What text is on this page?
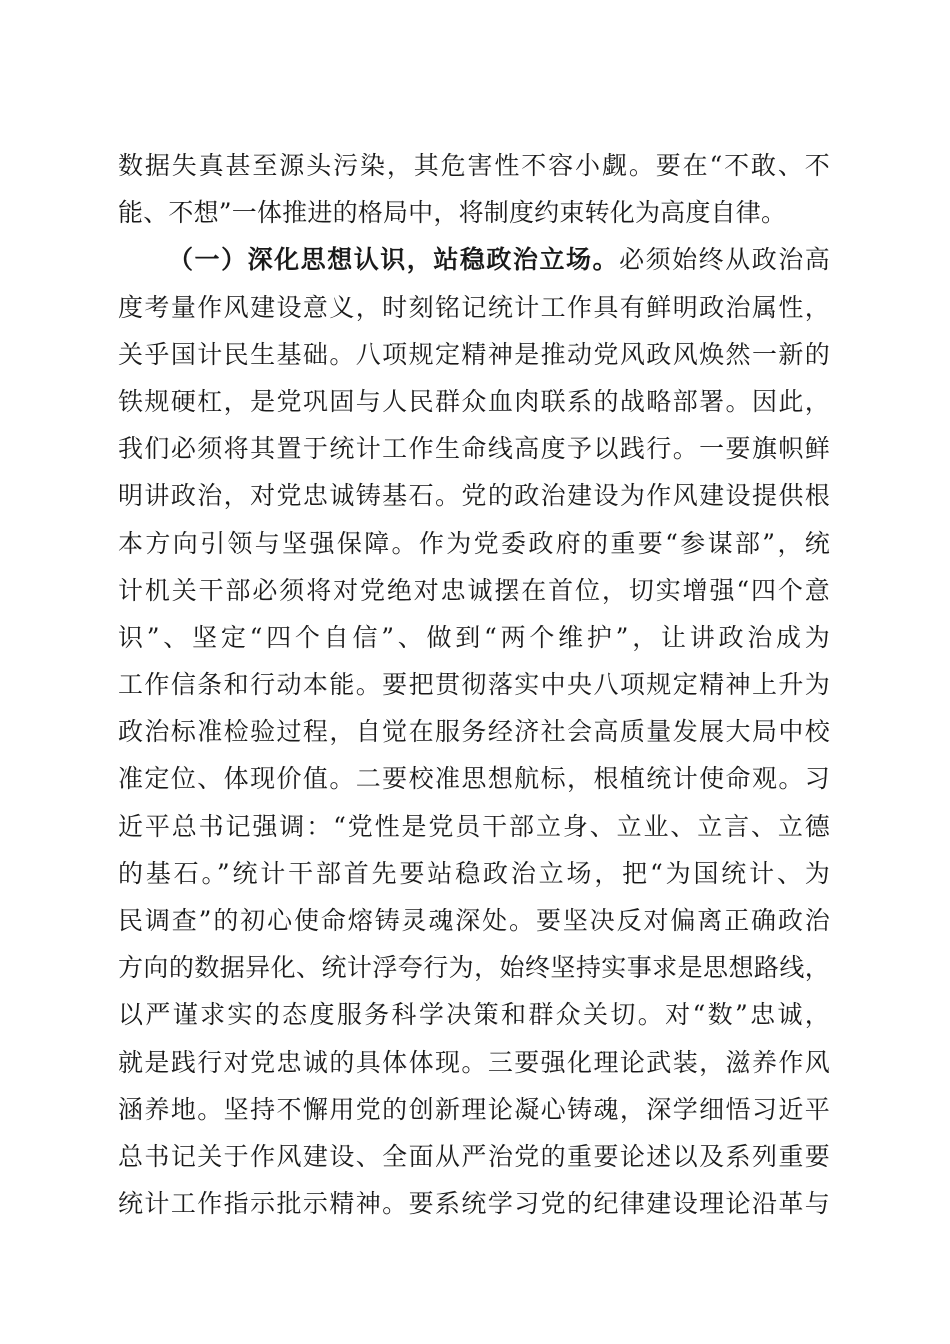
数据失真甚至源头污染，其危害性不容小觑。要在“不敢、不
能、不想”一体推进的格局中，将制度约束转化为高度自律。
（一）深化思想认识，站稳政治立场。必须始终从政治高
度考量作风建设意义，时刻铭记统计工作具有鲜明政治属性，
关乎国计民生基础。八项规定精神是推动党风政风焕然一新的
铁规硬杠，是党巩固与人民群众血肉联系的战略部署。因此，
我们必须将其置于统计工作生命线高度予以践行。一要旗帜鲜
明讲政治，对党忠诚铸基石。党的政治建设为作风建设提供根
本方向引领与坚强保障。作为党委政府的重要“参谋部”，统
计机关干部必须将对党绝对忠诚摆在首位，切实增强“四个意
识”、坚定“四个自信”、做到“两个维护”，让讲政治成为
工作信条和行动本能。要把贯彻落实中央八项规定精神上升为
政治标准检验过程，自觉在服务经济社会高质量发展大局中校
准定位、体现价值。二要校准思想航标，根植统计使命观。习
近平总书记强调：“党性是党员干部立身、立业、立言、立德
的基石。”统计干部首先要站稳政治立场，把“为国统计、为
民调查”的初心使命熔铸灵魂深处。要坚决反对偏离正确政治
方向的数据异化、统计浮夸行为，始终坚持实事求是思想路线，
以严谨求实的态度服务科学决策和群众关切。对“数”忠诚，
就是践行对党忠诚的具体体现。三要强化理论武装，滋养作风
涵养地。坚持不懈用党的创新理论凝心铸魂，深学细悟习近平
总书记关于作风建设、全面从严治党的重要论述以及系列重要
统计工作指示批示精神。要系统学习党的纪律建设理论沿革与
